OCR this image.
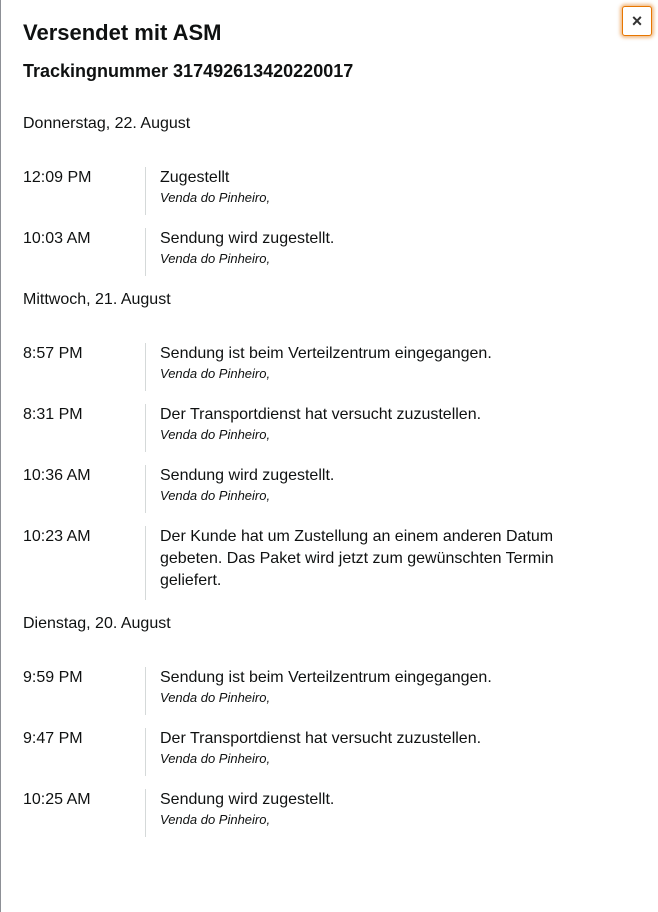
×
Versendet mit ASM
Trackingnummer 317492613420220017
Donnerstag, 22. August
12:09 PM	Zugestellt
Venda do Pinheiro,
10:03 AM	Sendung wird zugestellt.
Venda do Pinheiro,
Mittwoch, 21. August
8:57 PM	Sendung ist beim Verteilzentrum eingegangen.
Venda do Pinheiro,
8:31 PM	Der Transportdienst hat versucht zuzustellen.
Venda do Pinheiro,
10:36 AM	Sendung wird zugestellt.
Venda do Pinheiro,
10:23 AM	Der Kunde hat um Zustellung an einem anderen Datum gebeten. Das Paket wird jetzt zum gewünschten Termin geliefert.
Dienstag, 20. August
9:59 PM	Sendung ist beim Verteilzentrum eingegangen.
Venda do Pinheiro,
9:47 PM	Der Transportdienst hat versucht zuzustellen.
Venda do Pinheiro,
10:25 AM	Sendung wird zugestellt.
Venda do Pinheiro,
